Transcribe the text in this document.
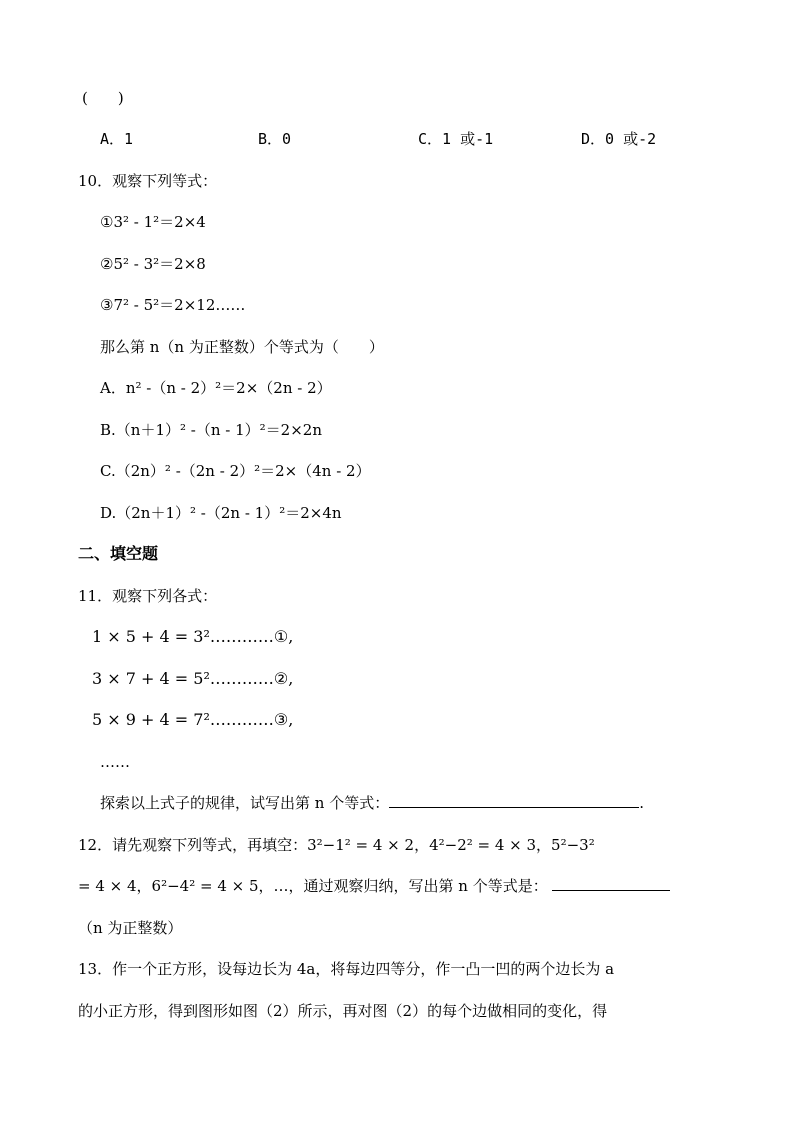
(　　)
A．1	B．0	C．1 或-1	D．0 或-2
10．观察下列等式：
①3² - 1²＝2×4
②5² - 3²＝2×8
③7² - 5²＝2×12……
那么第 n（n 为正整数）个等式为（　　）
A．n² -（n - 2）²＝2×（2n - 2）
B.（n＋1）² -（n - 1）²＝2×2n
C.（2n）² -（2n - 2）²＝2×（4n - 2）
D.（2n＋1）² -（2n - 1）²＝2×4n
二、填空题
11．观察下列各式：
1 × 5 + 4 = 3²…………①,
3 × 7 + 4 = 5²…………②,
5 × 9 + 4 = 7²…………③,
……
探索以上式子的规律，试写出第 n 个等式：	.
12．请先观察下列等式，再填空：3²−1² = 4 × 2，4²−2² = 4 × 3，5²−3²
= 4 × 4，6²−4² = 4 × 5，…，通过观察归纳，写出第 n 个等式是：
（n 为正整数）
13．作一个正方形，设每边长为 4a，将每边四等分，作一凸一凹的两个边长为 a
的小正方形，得到图形如图（2）所示，再对图（2）的每个边做相同的变化，得
